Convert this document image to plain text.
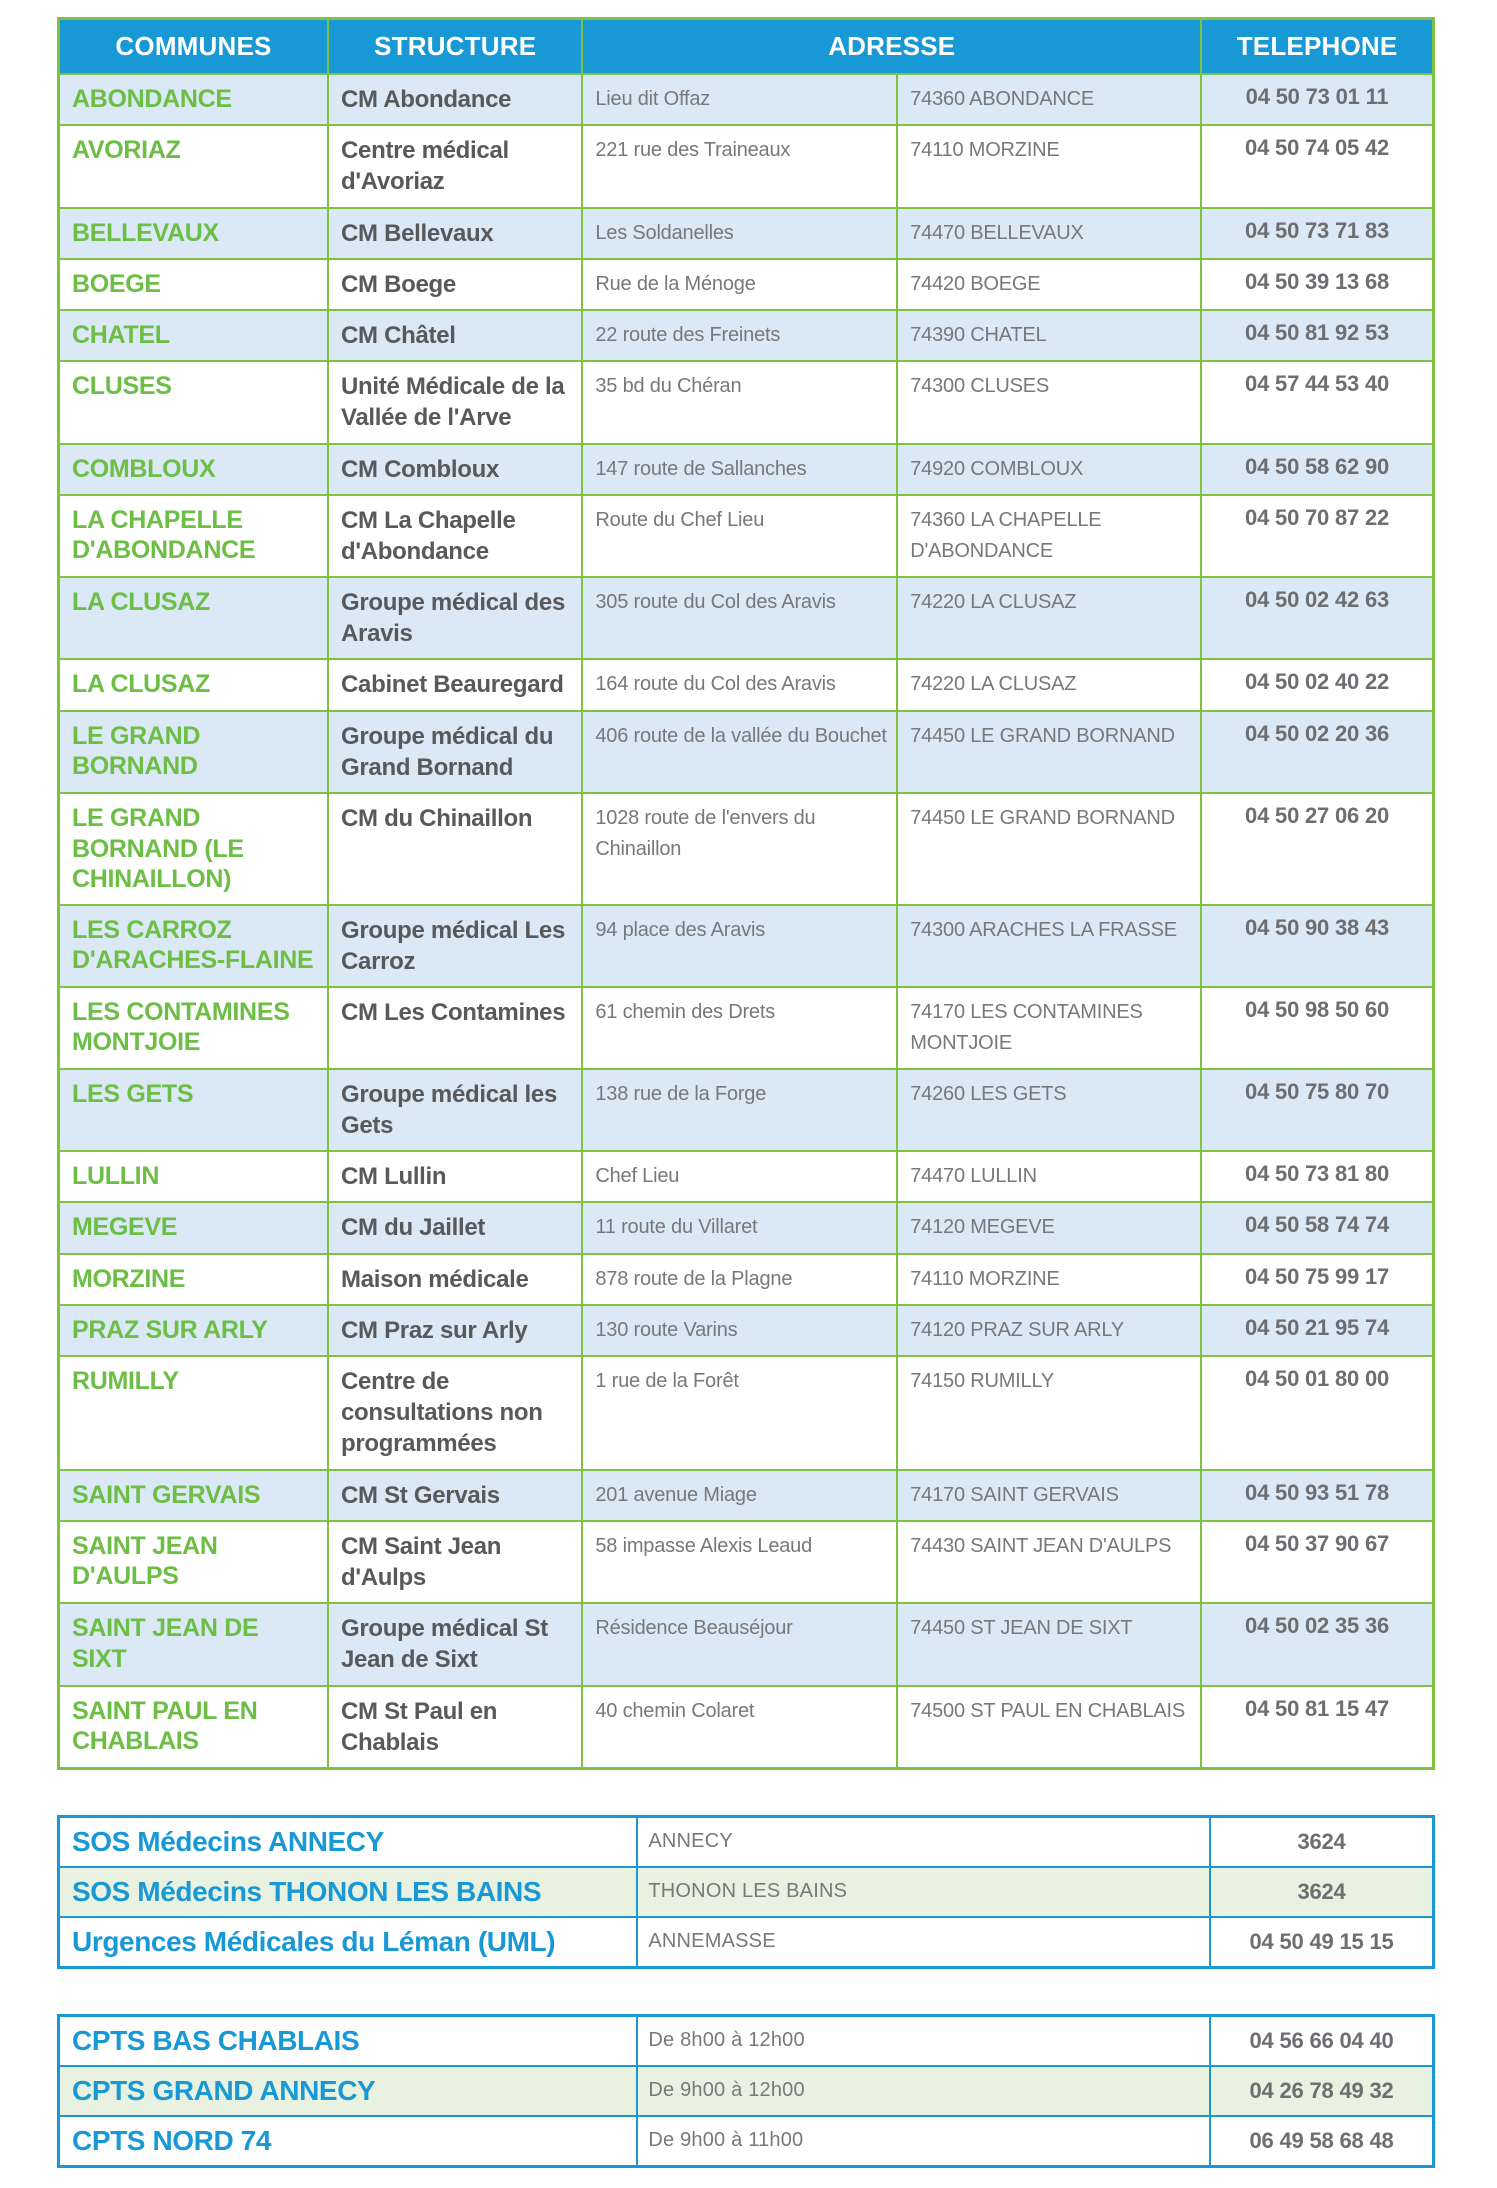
COMMUNES	STRUCTURE	ADRESSE		TELEPHONE
ABONDANCE	CM Abondance	Lieu dit Offaz	74360 ABONDANCE	04 50 73 01 11
AVORIAZ	Centre médical d'Avoriaz	221 rue des Traineaux	74110 MORZINE	04 50 74 05 42
BELLEVAUX	CM Bellevaux	Les Soldanelles	74470 BELLEVAUX	04 50 73 71 83
BOEGE	CM Boege	Rue de la Ménoge	74420 BOEGE	04 50 39 13 68
CHATEL	CM Châtel	22 route des Freinets	74390 CHATEL	04 50 81 92 53
CLUSES	Unité Médicale de la Vallée de l'Arve	35 bd du Chéran	74300 CLUSES	04 57 44 53 40
COMBLOUX	CM Combloux	147 route de Sallanches	74920 COMBLOUX	04 50 58 62 90
LA CHAPELLE D'ABONDANCE	CM La Chapelle d'Abondance	Route du Chef Lieu	74360 LA CHAPELLE D'ABONDANCE	04 50 70 87 22
LA CLUSAZ	Groupe médical des Aravis	305 route du Col des Aravis	74220 LA CLUSAZ	04 50 02 42 63
LA CLUSAZ	Cabinet Beauregard	164 route du Col des Aravis	74220 LA CLUSAZ	04 50 02 40 22
LE GRAND BORNAND	Groupe médical du Grand Bornand	406 route de la vallée du Bouchet	74450 LE GRAND BORNAND	04 50 02 20 36
LE GRAND BORNAND (LE CHINAILLON)	CM du Chinaillon	1028 route de l'envers du Chinaillon	74450 LE GRAND BORNAND	04 50 27 06 20
LES CARROZ D'ARACHES-FLAINE	Groupe médical Les Carroz	94 place des Aravis	74300 ARACHES LA FRASSE	04 50 90 38 43
LES CONTAMINES MONTJOIE	CM Les Contamines	61 chemin des Drets	74170 LES CONTAMINES MONTJOIE	04 50 98 50 60
LES GETS	Groupe médical les Gets	138 rue de la Forge	74260 LES GETS	04 50 75 80 70
LULLIN	CM Lullin	Chef Lieu	74470 LULLIN	04 50 73 81 80
MEGEVE	CM du Jaillet	11 route du Villaret	74120 MEGEVE	04 50 58 74 74
MORZINE	Maison médicale	878 route de la Plagne	74110 MORZINE	04 50 75 99 17
PRAZ SUR ARLY	CM Praz sur Arly	130 route Varins	74120 PRAZ SUR ARLY	04 50 21 95 74
RUMILLY	Centre de consultations non programmées	1 rue de la Forêt	74150 RUMILLY	04 50 01 80 00
SAINT GERVAIS	CM St Gervais	201 avenue Miage	74170 SAINT GERVAIS	04 50 93 51 78
SAINT JEAN D'AULPS	CM Saint Jean d'Aulps	58 impasse Alexis Leaud	74430 SAINT JEAN D'AULPS	04 50 37 90 67
SAINT JEAN DE SIXT	Groupe médical St Jean de Sixt	Résidence Beauséjour	74450 ST JEAN DE SIXT	04 50 02 35 36
SAINT PAUL EN CHABLAIS	CM St Paul en Chablais	40 chemin Colaret	74500 ST PAUL EN CHABLAIS	04 50 81 15 47
SOS Médecins ANNECY	ANNECY	3624
SOS Médecins THONON LES BAINS	THONON LES BAINS	3624
Urgences Médicales du Léman (UML)	ANNEMASSE	04 50 49 15 15
CPTS BAS CHABLAIS	De 8h00 à 12h00	04 56 66 04 40
CPTS GRAND ANNECY	De 9h00 à 12h00	04 26 78 49 32
CPTS NORD 74	De 9h00 à 11h00	06 49 58 68 48
